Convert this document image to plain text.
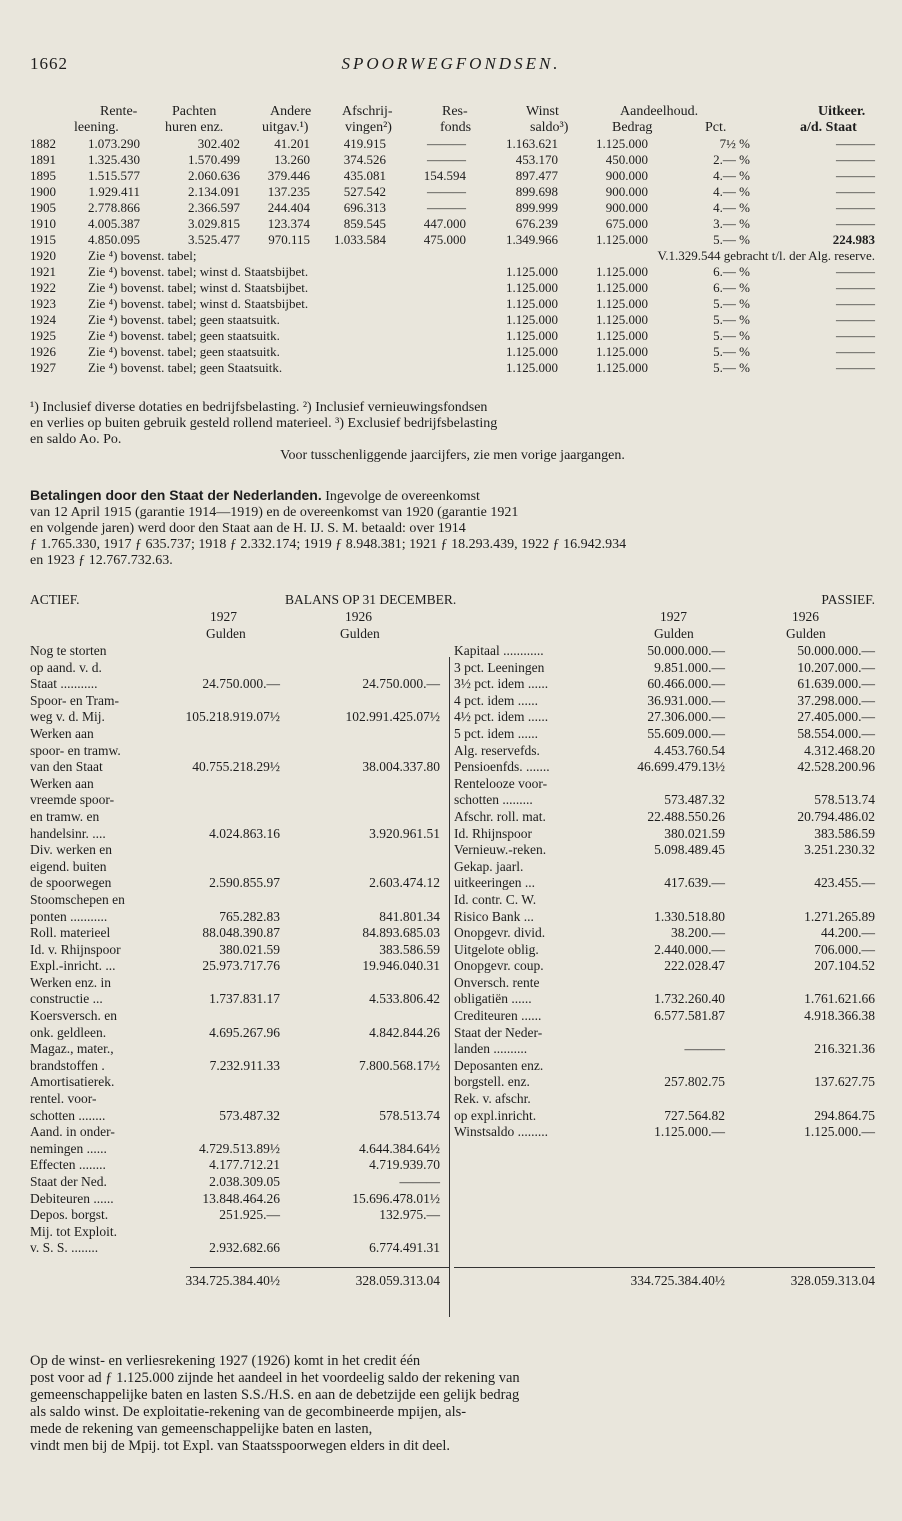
1662	SPOORWEGFONDSEN.
Rente- Pachten	Andere Afschrij-	Res-	Winst	Aandeelhoud.	Uitkeer.
leening.	huren enz.	uitgav.¹)	vingen²)	fonds	saldo³)	Bedrag	Pct.	a/d. Staat
1882 1.073.290	302.402	41.201	419.915	———	1.163.621	1.125.000	7½ %	———
1891 1.325.430	1.570.499	13.260	374.526	———	453.170	450.000	2.— %	———
1895 1.515.577	2.060.636 379.446	435.081	154.594	897.477	900.000	4.— %	———
1900 1.929.411	2.134.091 137.235	527.542	———	899.698	900.000	4.— %	———
1905 2.778.866	2.366.597 244.404	696.313	———	899.999	900.000	4.— %	———
1910 4.005.387	3.029.815 123.374	859.545	447.000	676.239	675.000	3.— %	———
1915 4.850.095	3.525.477 970.115 1.033.584	475.000	1.349.966	1.125.000	5.— %	224.983
1920 Zie ⁴) bovenst. tabel;	V.1.329.544 gebracht t/l. der Alg. reserve.
1921 Zie ⁴) bovenst. tabel; winst d. Staatsbijbet.	1.125.000	1.125.000	6.— %	———
1922 Zie ⁴) bovenst. tabel; winst d. Staatsbijbet.	1.125.000	1.125.000	6.— %	———
1923 Zie ⁴) bovenst. tabel; winst d. Staatsbijbet.	1.125.000	1.125.000	5.— %	———
1924 Zie ⁴) bovenst. tabel; geen staatsuitk.	1.125.000	1.125.000	5.— %	———
1925 Zie ⁴) bovenst. tabel; geen staatsuitk.	1.125.000	1.125.000	5.— %	———
1926 Zie ⁴) bovenst. tabel; geen staatsuitk.	1.125.000	1.125.000	5.— %	———
1927 Zie ⁴) bovenst. tabel; geen Staatsuitk.	1.125.000	1.125.000	5.— %	———

¹) Inclusief diverse dotaties en bedrijfsbelasting. ²) Inclusief vernieuwingsfondsen

en verlies op buiten gebruik gesteld rollend materieel. ³) Exclusief bedrijfsbelasting

en saldo Ao. Po.

Voor tusschenliggende jaarcijfers, zie men vorige jaargangen.

Betalingen door den Staat der Nederlanden. Ingevolge de overeenkomst

van 12 April 1915 (garantie 1914—1919) en de overeenkomst van 1920 (garantie 1921

en volgende jaren) werd door den Staat aan de H. IJ. S. M. betaald: over 1914

ƒ 1.765.330, 1917 ƒ 635.737; 1918 ƒ 2.332.174; 1919 ƒ 8.948.381; 1921 ƒ 18.293.439, 1922 ƒ 16.942.934

en 1923 ƒ 12.767.732.63.

ACTIEF.	BALANS OP 31 DECEMBER.	PASSIEF.
1927	1926	1927	1926
Gulden	Gulden	Gulden	Gulden
Nog te storten
op aand. v. d.
Staat ...........	24.750.000.—	24.750.000.—
Spoor- en Tram-
weg v. d. Mij.	105.218.919.07½	102.991.425.07½
Werken aan
spoor- en tramw.
van den Staat	40.755.218.29½	38.004.337.80
Werken aan
vreemde spoor-
en tramw. en
handelsinr. ....	4.024.863.16	3.920.961.51
Div. werken en
eigend. buiten
de spoorwegen	2.590.855.97	2.603.474.12
Stoomschepen en
ponten ...........	765.282.83	841.801.34
Roll. materieel	88.048.390.87	84.893.685.03
Id. v. Rhijnspoor	380.021.59	383.586.59
Expl.-inricht. ...	25.973.717.76	19.946.040.31
Werken enz. in
constructie ...	1.737.831.17	4.533.806.42
Koersversch. en
onk. geldleen.	4.695.267.96	4.842.844.26
Magaz., mater.,
brandstoffen .	7.232.911.33	7.800.568.17½
Amortisatierek.
rentel. voor-
schotten ........	573.487.32	578.513.74
Aand. in onder-
nemingen ......	4.729.513.89½	4.644.384.64½
Effecten ........	4.177.712.21	4.719.939.70
Staat der Ned.	2.038.309.05	———
Debiteuren ......	13.848.464.26	15.696.478.01½
Depos. borgst.	251.925.—	132.975.—
Mij. tot Exploit.
v. S. S. ........	2.932.682.66	6.774.491.31
334.725.384.40½	328.059.313.04
Kapitaal ............	50.000.000.—	50.000.000.—
3 pct. Leeningen	9.851.000.—	10.207.000.—
3½ pct. idem ......	60.466.000.—	61.639.000.—
4 pct. idem ......	36.931.000.—	37.298.000.—
4½ pct. idem ......	27.306.000.—	27.405.000.—
5 pct. idem ......	55.609.000.—	58.554.000.—
Alg. reservefds.	4.453.760.54	4.312.468.20
Pensioenfds. .......	46.699.479.13½	42.528.200.96
Rentelooze voor-
schotten .........	573.487.32	578.513.74
Afschr. roll. mat.	22.488.550.26	20.794.486.02
Id. Rhijnspoor	380.021.59	383.586.59
Vernieuw.-reken.	5.098.489.45	3.251.230.32
Gekap. jaarl.
uitkeeringen ...	417.639.—	423.455.—
Id. contr. C. W.
Risico Bank ...	1.330.518.80	1.271.265.89
Onopgevr. divid.	38.200.—	44.200.—
Uitgelote oblig.	2.440.000.—	706.000.—
Onopgevr. coup.	222.028.47	207.104.52
Onversch. rente
obligatiën ......	1.732.260.40	1.761.621.66
Crediteuren ......	6.577.581.87	4.918.366.38
Staat der Neder-
landen ..........	———	216.321.36
Deposanten enz.
borgstell. enz.	257.802.75	137.627.75
Rek. v. afschr.
op expl.inricht.	727.564.82	294.864.75
Winstsaldo .........	1.125.000.—	1.125.000.—
334.725.384.40½	328.059.313.04

Op de winst- en verliesrekening 1927 (1926) komt in het credit één

post voor ad ƒ 1.125.000 zijnde het aandeel in het voordeelig saldo der rekening van

gemeenschappelijke baten en lasten S.S./H.S. en aan de debetzijde een gelijk bedrag

als saldo winst. De exploitatie-rekening van de gecombineerde mpijen, als-

mede de rekening van gemeenschappelijke baten en lasten,

vindt men bij de Mpij. tot Expl. van Staatsspoorwegen elders in dit deel.
